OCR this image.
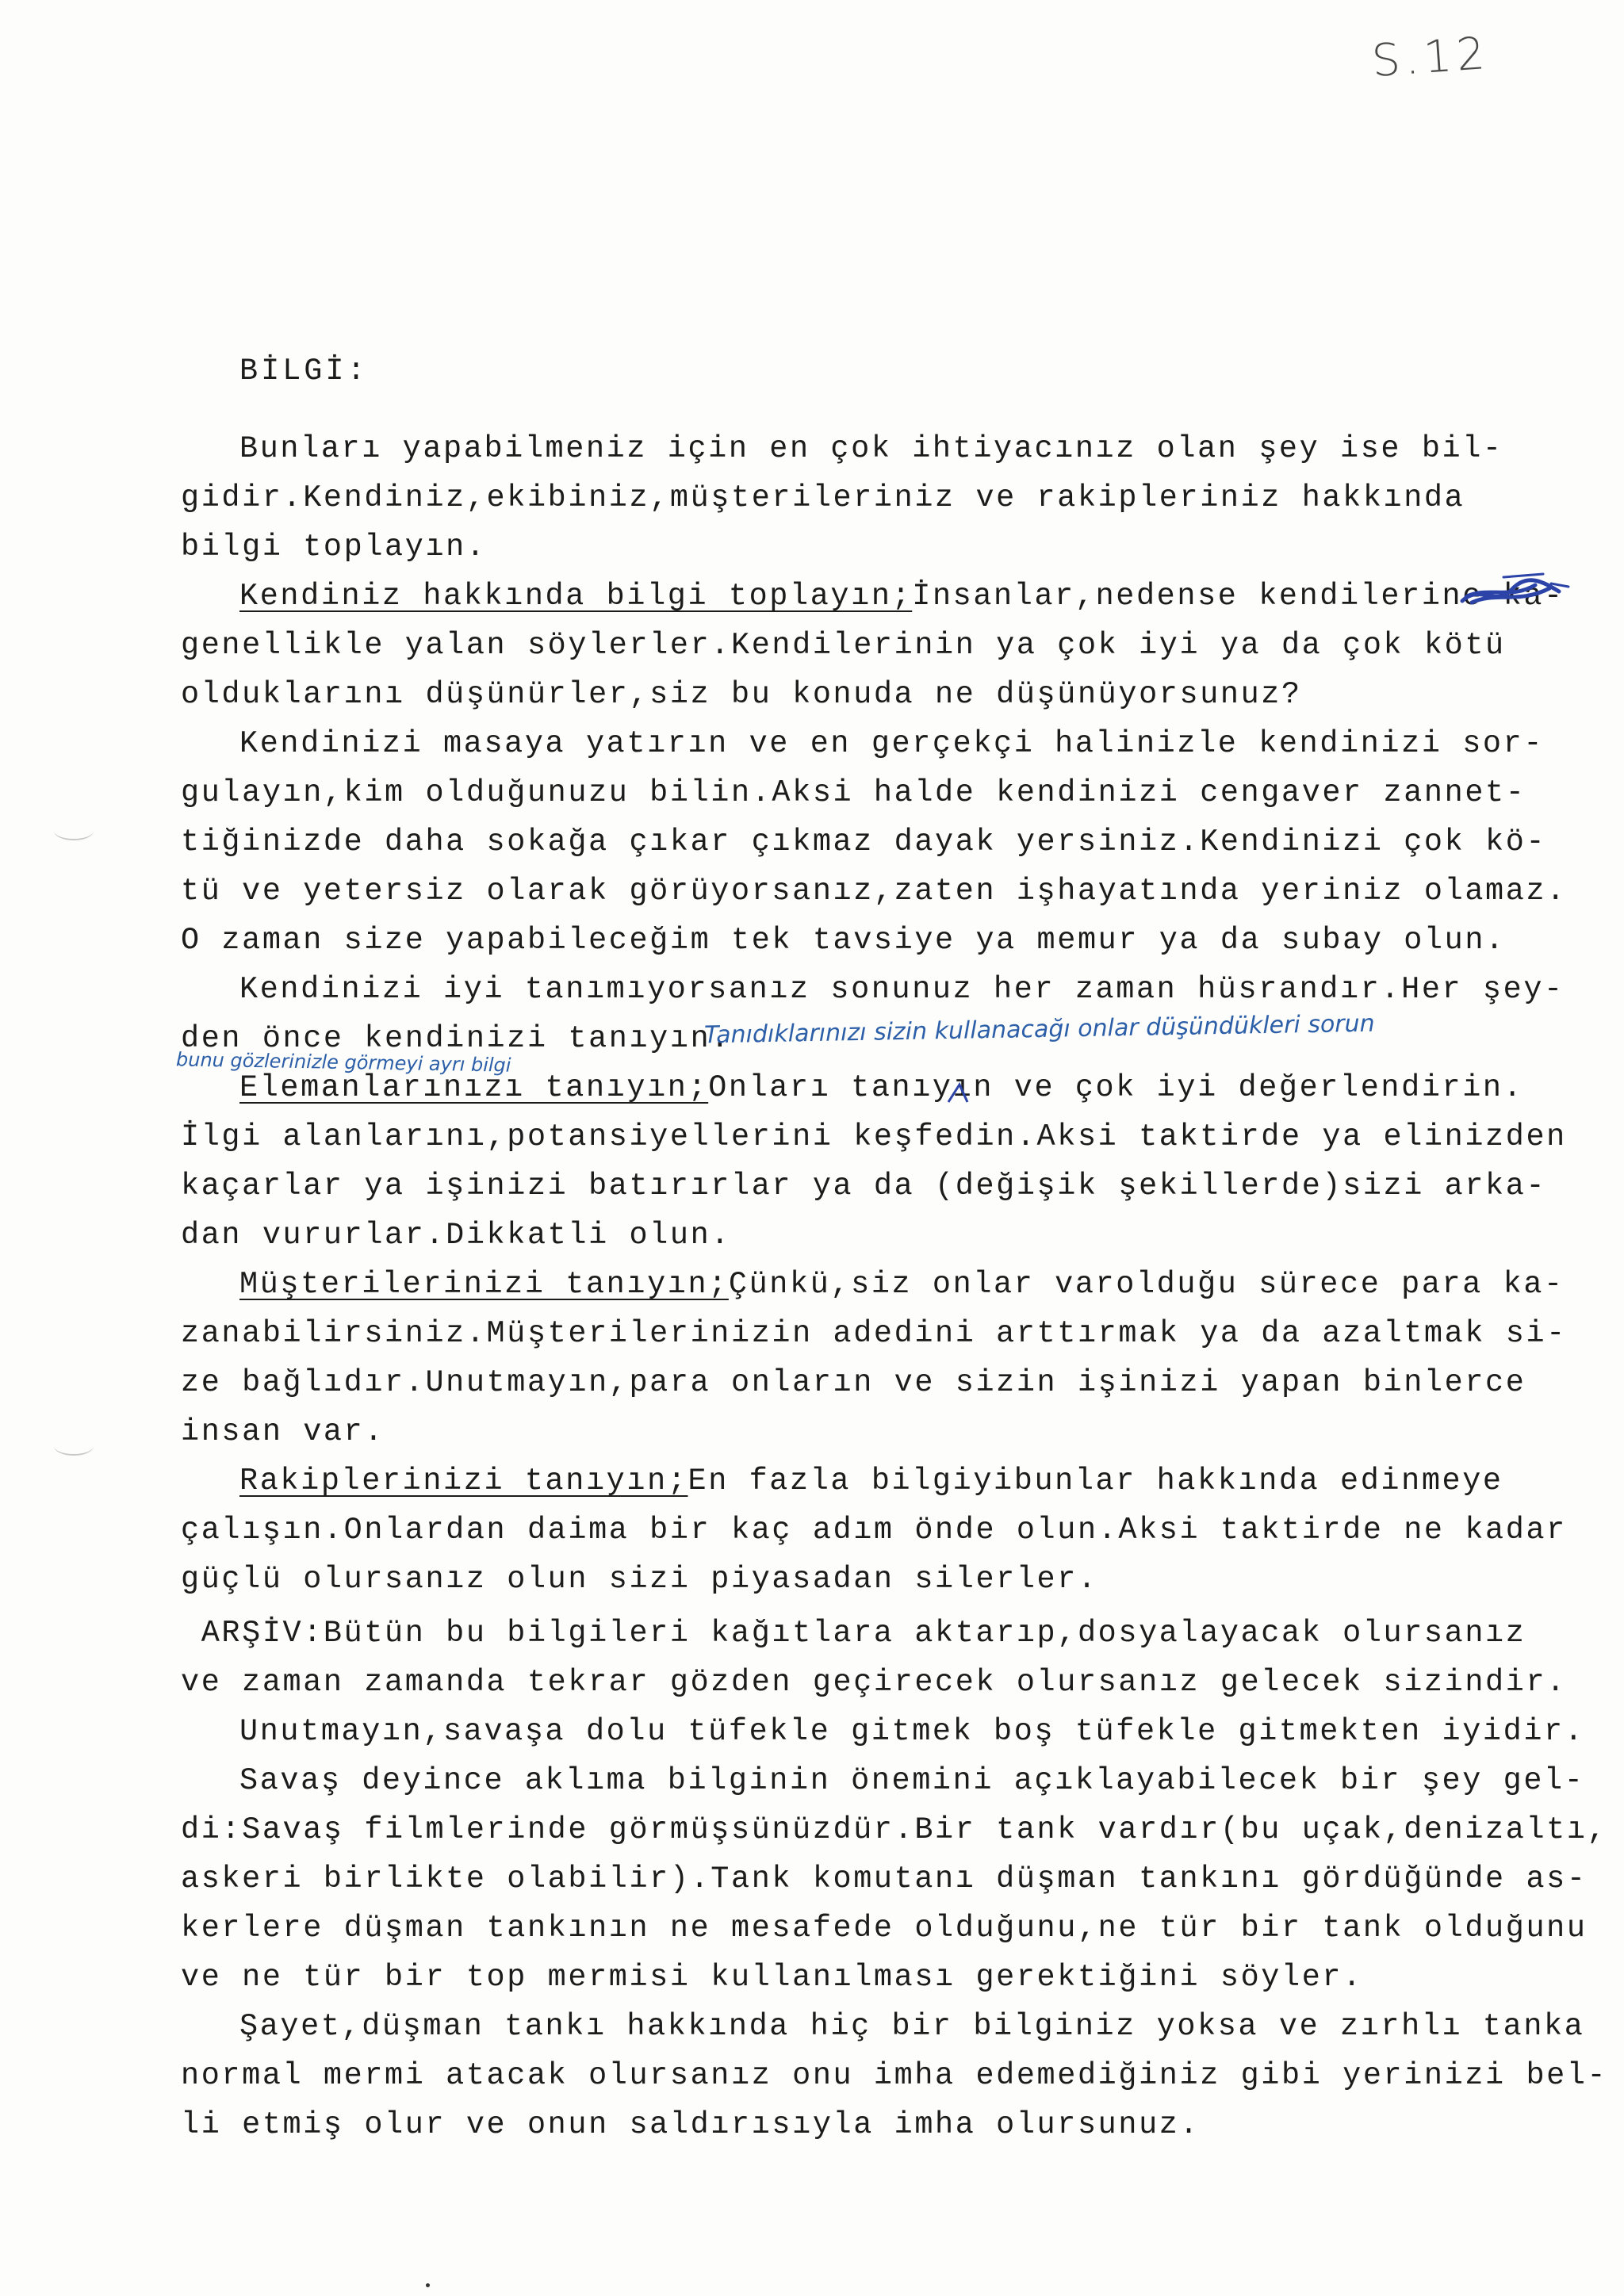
S.12
BİLGİ:
Bunları yapabilmeniz için en çok ihtiyacınız olan şey ise bil-
gidir.Kendiniz,ekibiniz,müşterileriniz ve rakipleriniz hakkında
bilgi toplayın.
Kendiniz hakkında bilgi toplayın;İnsanlar,nedense kendilerine ka-
genellikle yalan söylerler.Kendilerinin ya çok iyi ya da çok kötü
olduklarını düşünürler,siz bu konuda ne düşünüyorsunuz?
Kendinizi masaya yatırın ve en gerçekçi halinizle kendinizi sor-
gulayın,kim olduğunuzu bilin.Aksi halde kendinizi cengaver zannet-
tiğinizde daha sokağa çıkar çıkmaz dayak yersiniz.Kendinizi çok kö-
tü ve yetersiz olarak görüyorsanız,zaten işhayatında yeriniz olamaz.
O zaman size yapabileceğim tek tavsiye ya memur ya da subay olun.
Kendinizi iyi tanımıyorsanız sonunuz her zaman hüsrandır.Her şey-
den önce kendinizi tanıyın.
Elemanlarınızı tanıyın;Onları tanıyın ve çok iyi değerlendirin.
İlgi alanlarını,potansiyellerini keşfedin.Aksi taktirde ya elinizden
kaçarlar ya işinizi batırırlar ya da (değişik şekillerde)sizi arka-
dan vururlar.Dikkatli olun.
Müşterilerinizi tanıyın;Çünkü,siz onlar varolduğu sürece para ka-
zanabilirsiniz.Müşterilerinizin adedini arttırmak ya da azaltmak si-
ze bağlıdır.Unutmayın,para onların ve sizin işinizi yapan binlerce
insan var.
Rakiplerinizi tanıyın;En fazla bilgiyibunlar hakkında edinmeye
çalışın.Onlardan daima bir kaç adım önde olun.Aksi taktirde ne kadar
güçlü olursanız olun sizi piyasadan silerler.
ARŞİV:Bütün bu bilgileri kağıtlara aktarıp,dosyalayacak olursanız
ve zaman zamanda tekrar gözden geçirecek olursanız gelecek sizindir.
Unutmayın,savaşa dolu tüfekle gitmek boş tüfekle gitmekten iyidir.
Savaş deyince aklıma bilginin önemini açıklayabilecek bir şey gel-
di:Savaş filmlerinde görmüşsünüzdür.Bir tank vardır(bu uçak,denizaltı,
askeri birlikte olabilir).Tank komutanı düşman tankını gördüğünde as-
kerlere düşman tankının ne mesafede olduğunu,ne tür bir tank olduğunu
ve ne tür bir top mermisi kullanılması gerektiğini söyler.
Şayet,düşman tankı hakkında hiç bir bilginiz yoksa ve zırhlı tanka
normal mermi atacak olursanız onu imha edemediğiniz gibi yerinizi bel-
li etmiş olur ve onun saldırısıyla imha olursunuz.
Tanıdıklarınızı sizin kullanacağı onlar düşündükleri sorun
bunu gözlerinizle görmeyi ayrı bilgi
